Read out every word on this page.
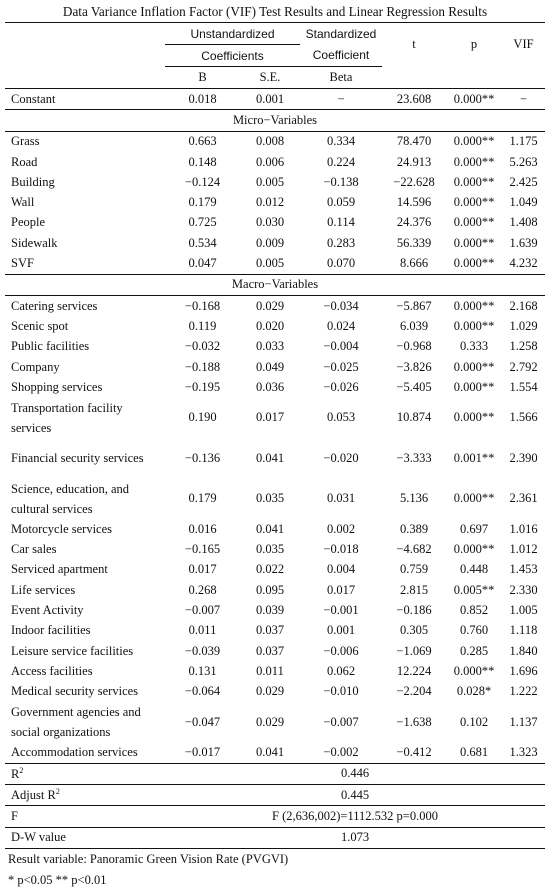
Data Variance Inflation Factor (VIF) Test Results and Linear Regression Results

	Unstandardized		Standardized	t	p	VIF
	Coefficients		Coefficient			
	B	S.E.	Beta			
Constant	0.018	0.001	−	23.608	0.000**	−
Micro−Variables						
Grass	0.663	0.008	0.334	78.470	0.000**	1.175
Road	0.148	0.006	0.224	24.913	0.000**	5.263
Building	−0.124	0.005	−0.138	−22.628	0.000**	2.425
Wall	0.179	0.012	0.059	14.596	0.000**	1.049
People	0.725	0.030	0.114	24.376	0.000**	1.408
Sidewalk	0.534	0.009	0.283	56.339	0.000**	1.639
SVF	0.047	0.005	0.070	8.666	0.000**	4.232
Macro−Variables						
Catering services	−0.168	0.029	−0.034	−5.867	0.000**	2.168
Scenic spot	0.119	0.020	0.024	6.039	0.000**	1.029
Public facilities	−0.032	0.033	−0.004	−0.968	0.333	1.258
Company	−0.188	0.049	−0.025	−3.826	0.000**	2.792
Shopping services	−0.195	0.036	−0.026	−5.405	0.000**	1.554
Transportation facility services	0.190	0.017	0.053	10.874	0.000**	1.566
Financial security services	−0.136	0.041	−0.020	−3.333	0.001**	2.390
Science, education, and cultural services	0.179	0.035	0.031	5.136	0.000**	2.361
Motorcycle services	0.016	0.041	0.002	0.389	0.697	1.016
Car sales	−0.165	0.035	−0.018	−4.682	0.000**	1.012
Serviced apartment	0.017	0.022	0.004	0.759	0.448	1.453
Life services	0.268	0.095	0.017	2.815	0.005**	2.330
Event Activity	−0.007	0.039	−0.001	−0.186	0.852	1.005
Indoor facilities	0.011	0.037	0.001	0.305	0.760	1.118
Leisure service facilities	−0.039	0.037	−0.006	−1.069	0.285	1.840
Access facilities	0.131	0.011	0.062	12.224	0.000**	1.696
Medical security services	−0.064	0.029	−0.010	−2.204	0.028*	1.222
Government agencies and social organizations	−0.047	0.029	−0.007	−1.638	0.102	1.137
Accommodation services	−0.017	0.041	−0.002	−0.412	0.681	1.323
$R^2$	0.446					
Adjust $R^2$	0.445					
F	F (2,636,002)=1112.532 p=0.000					
D-W value	1.073					
Result variable: Panoramic Green Vision Rate (PVGVI)
* p<0.05 ** p<0.01
